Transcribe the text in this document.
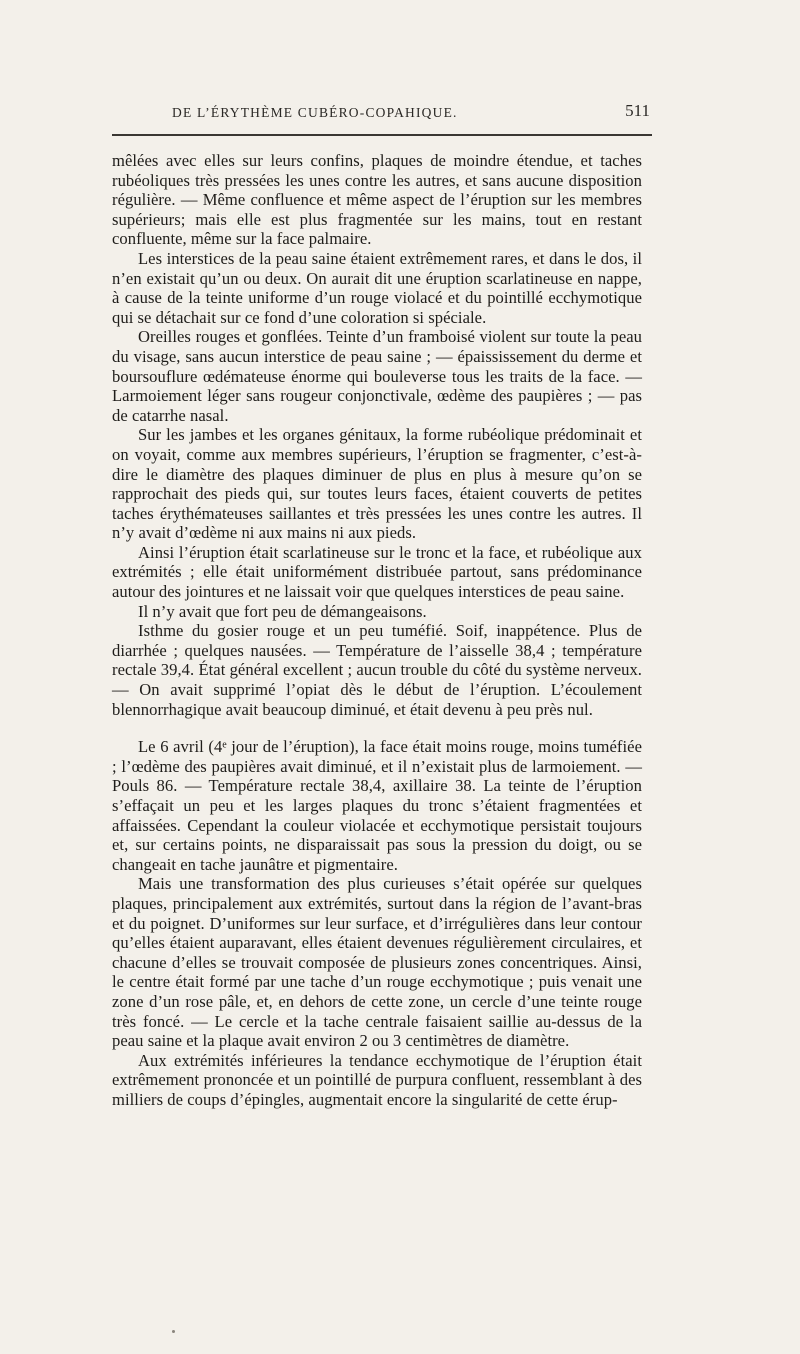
DE L’ÉRYTHÈME CUBÉRO-COPAHIQUE.	511

mêlées avec elles sur leurs confins, plaques de moindre étendue, et taches rubéoliques très pressées les unes contre les autres, et sans aucune disposition régulière. — Même confluence et même aspect de l’éruption sur les membres supérieurs; mais elle est plus fragmentée sur les mains, tout en restant confluente, même sur la face palmaire.

Les interstices de la peau saine étaient extrêmement rares, et dans le dos, il n’en existait qu’un ou deux. On aurait dit une éruption scarlatineuse en nappe, à cause de la teinte uniforme d’un rouge violacé et du pointillé ecchymotique qui se détachait sur ce fond d’une coloration si spéciale.

Oreilles rouges et gonflées. Teinte d’un framboisé violent sur toute la peau du visage, sans aucun interstice de peau saine ; — épaississement du derme et boursouflure œdémateuse énorme qui bouleverse tous les traits de la face. — Larmoiement léger sans rougeur conjonctivale, œdème des paupières ; — pas de catarrhe nasal.

Sur les jambes et les organes génitaux, la forme rubéolique prédominait et on voyait, comme aux membres supérieurs, l’éruption se fragmenter, c’est-à-dire le diamètre des plaques diminuer de plus en plus à mesure qu’on se rapprochait des pieds qui, sur toutes leurs faces, étaient couverts de petites taches érythémateuses saillantes et très pressées les unes contre les autres. Il n’y avait d’œdème ni aux mains ni aux pieds.

Ainsi l’éruption était scarlatineuse sur le tronc et la face, et rubéolique aux extrémités ; elle était uniformément distribuée partout, sans prédominance autour des jointures et ne laissait voir que quelques interstices de peau saine.

Il n’y avait que fort peu de démangeaisons.

Isthme du gosier rouge et un peu tuméfié. Soif, inappétence. Plus de diarrhée ; quelques nausées. — Température de l’aisselle 38,4 ; température rectale 39,4. État général excellent ; aucun trouble du côté du système nerveux. — On avait supprimé l’opiat dès le début de l’éruption. L’écoulement blennorrhagique avait beaucoup diminué, et était devenu à peu près nul.

Le 6 avril (4ᵉ jour de l’éruption), la face était moins rouge, moins tuméfiée ; l’œdème des paupières avait diminué, et il n’existait plus de larmoiement. — Pouls 86. — Température rectale 38,4, axillaire 38. La teinte de l’éruption s’effaçait un peu et les larges plaques du tronc s’étaient fragmentées et affaissées. Cependant la couleur violacée et ecchymotique persistait toujours et, sur certains points, ne disparaissait pas sous la pression du doigt, ou se changeait en tache jaunâtre et pigmentaire.

Mais une transformation des plus curieuses s’était opérée sur quelques plaques, principalement aux extrémités, surtout dans la région de l’avant-bras et du poignet. D’uniformes sur leur surface, et d’irrégulières dans leur contour qu’elles étaient auparavant, elles étaient devenues régulièrement circulaires, et chacune d’elles se trouvait composée de plusieurs zones concentriques. Ainsi, le centre était formé par une tache d’un rouge ecchymotique ; puis venait une zone d’un rose pâle, et, en dehors de cette zone, un cercle d’une teinte rouge très foncé. — Le cercle et la tache centrale faisaient saillie au-dessus de la peau saine et la plaque avait environ 2 ou 3 centimètres de diamètre.

Aux extrémités inférieures la tendance ecchymotique de l’éruption était extrêmement prononcée et un pointillé de purpura confluent, ressemblant à des milliers de coups d’épingles, augmentait encore la singularité de cette érup-
